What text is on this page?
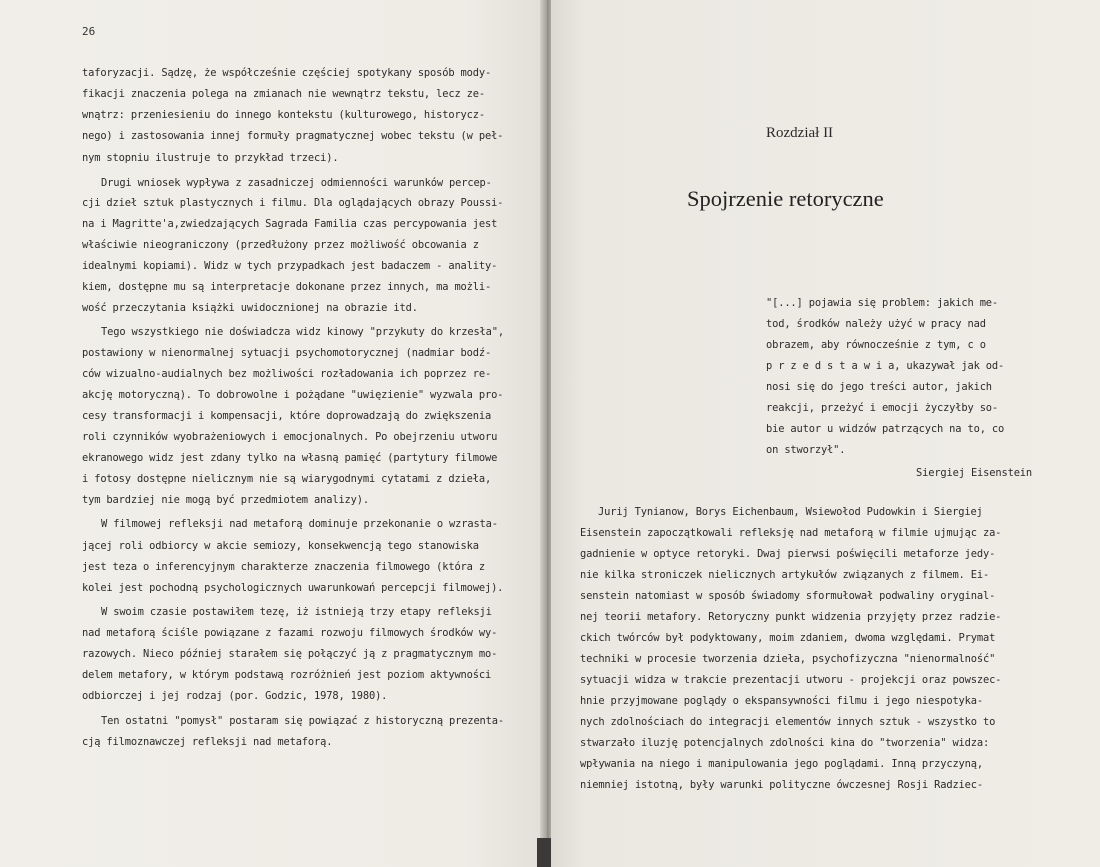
26
taforyzacji. Sądzę, że współcześnie częściej spotykany sposób mody-
fikacji znaczenia polega na zmianach nie wewnątrz tekstu, lecz ze-
wnątrz: przeniesieniu do innego kontekstu (kulturowego, historycz-
nego) i zastosowania innej formuły pragmatycznej wobec tekstu (w peł-
nym stopniu ilustruje to przykład trzeci).
Drugi wniosek wypływa z zasadniczej odmienności warunków percep-
cji dzieł sztuk plastycznych i filmu. Dla oglądających obrazy Poussi-
na i Magritte'a,zwiedzających Sagrada Familia czas percypowania jest
właściwie nieograniczony (przedłużony przez możliwość obcowania z
idealnymi kopiami). Widz w tych przypadkach jest badaczem - anality-
kiem, dostępne mu są interpretacje dokonane przez innych, ma możli-
wość przeczytania książki uwidocznionej na obrazie itd.
Tego wszystkiego nie doświadcza widz kinowy "przykuty do krzesła",
postawiony w nienormalnej sytuacji psychomotorycznej (nadmiar bodź-
ców wizualno-audialnych bez możliwości rozładowania ich poprzez re-
akcję motoryczną). To dobrowolne i pożądane "uwięzienie" wyzwala pro-
cesy transformacji i kompensacji, które doprowadzają do zwiększenia
roli czynników wyobrażeniowych i emocjonalnych. Po obejrzeniu utworu
ekranowego widz jest zdany tylko na własną pamięć (partytury filmowe
i fotosy dostępne nielicznym nie są wiarygodnymi cytatami z dzieła,
tym bardziej nie mogą być przedmiotem analizy).
W filmowej refleksji nad metaforą dominuje przekonanie o wzrasta-
jącej roli odbiorcy w akcie semiozy, konsekwencją tego stanowiska
jest teza o inferencyjnym charakterze znaczenia filmowego (która z
kolei jest pochodną psychologicznych uwarunkowań percepcji filmowej).
W swoim czasie postawiłem tezę, iż istnieją trzy etapy refleksji
nad metaforą ściśle powiązane z fazami rozwoju filmowych środków wy-
razowych. Nieco później starałem się połączyć ją z pragmatycznym mo-
delem metafory, w którym podstawą rozróżnień jest poziom aktywności
odbiorczej i jej rodzaj (por. Godzic, 1978, 1980).
Ten ostatni "pomysł" postaram się powiązać z historyczną prezenta-
cją filmoznawczej refleksji nad metaforą.
Rozdział II
Spojrzenie retoryczne
"[...] pojawia się problem: jakich me-
tod, środków należy użyć w pracy nad
obrazem, aby równocześnie z tym, c o
p r z e d s t a w i a, ukazywał jak od-
nosi się do jego treści autor, jakich
reakcji, przeżyć i emocji życzyłby so-
bie autor u widzów patrzących na to, co
on stworzył".
Siergiej Eisenstein
Jurij Tynianow, Borys Eichenbaum, Wsiewołod Pudowkin i Siergiej
Eisenstein zapoczątkowali refleksję nad metaforą w filmie ujmując za-
gadnienie w optyce retoryki. Dwaj pierwsi poświęcili metaforze jedy-
nie kilka stroniczek nielicznych artykułów związanych z filmem. Ei-
senstein natomiast w sposób świadomy sformułował podwaliny oryginal-
nej teorii metafory. Retoryczny punkt widzenia przyjęty przez radzie-
ckich twórców był podyktowany, moim zdaniem, dwoma względami. Prymat
techniki w procesie tworzenia dzieła, psychofizyczna "nienormalność"
sytuacji widza w trakcie prezentacji utworu - projekcji oraz powszec-
hnie przyjmowane poglądy o ekspansywności filmu i jego niespotyka-
nych zdolnościach do integracji elementów innych sztuk - wszystko to
stwarzało iluzję potencjalnych zdolności kina do "tworzenia" widza:
wpływania na niego i manipulowania jego poglądami. Inną przyczyną,
niemniej istotną, były warunki polityczne ówczesnej Rosji Radziec-
